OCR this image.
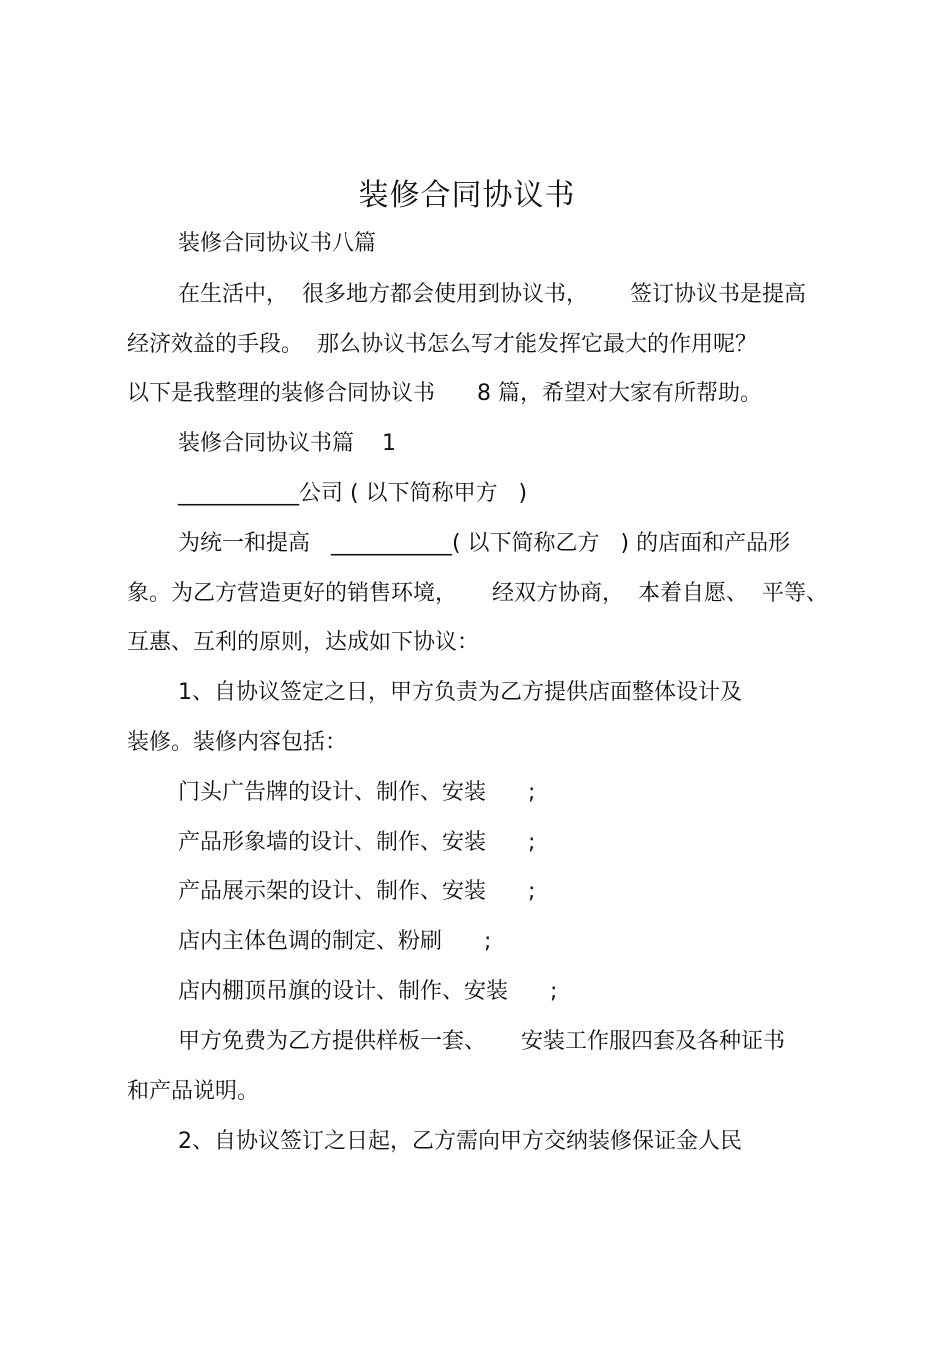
装修合同协议书
装修合同协议书八篇
在生活中，  很多地方都会使用到协议书，      签订协议书是提高
经济效益的手段。  那么协议书怎么写才能发挥它最大的作用呢？
以下是我整理的装修合同协议书      8 篇，希望对大家有所帮助。
装修合同协议书篇    1
___________公司 ( 以下简称甲方   )
为统一和提高   ___________( 以下简称乙方   ) 的店面和产品形
象。为乙方营造更好的销售环境，     经双方协商，  本着自愿、  平等、
互惠、互利的原则，达成如下协议：
1、自协议签定之日，甲方负责为乙方提供店面整体设计及
装修。装修内容包括：
门头广告牌的设计、制作、安装      ;
产品形象墙的设计、制作、安装      ;
产品展示架的设计、制作、安装      ;
店内主体色调的制定、粉刷      ;
店内棚顶吊旗的设计、制作、安装      ;
甲方免费为乙方提供样板一套、     安装工作服四套及各种证书
和产品说明。
2、自协议签订之日起，乙方需向甲方交纳装修保证金人民
